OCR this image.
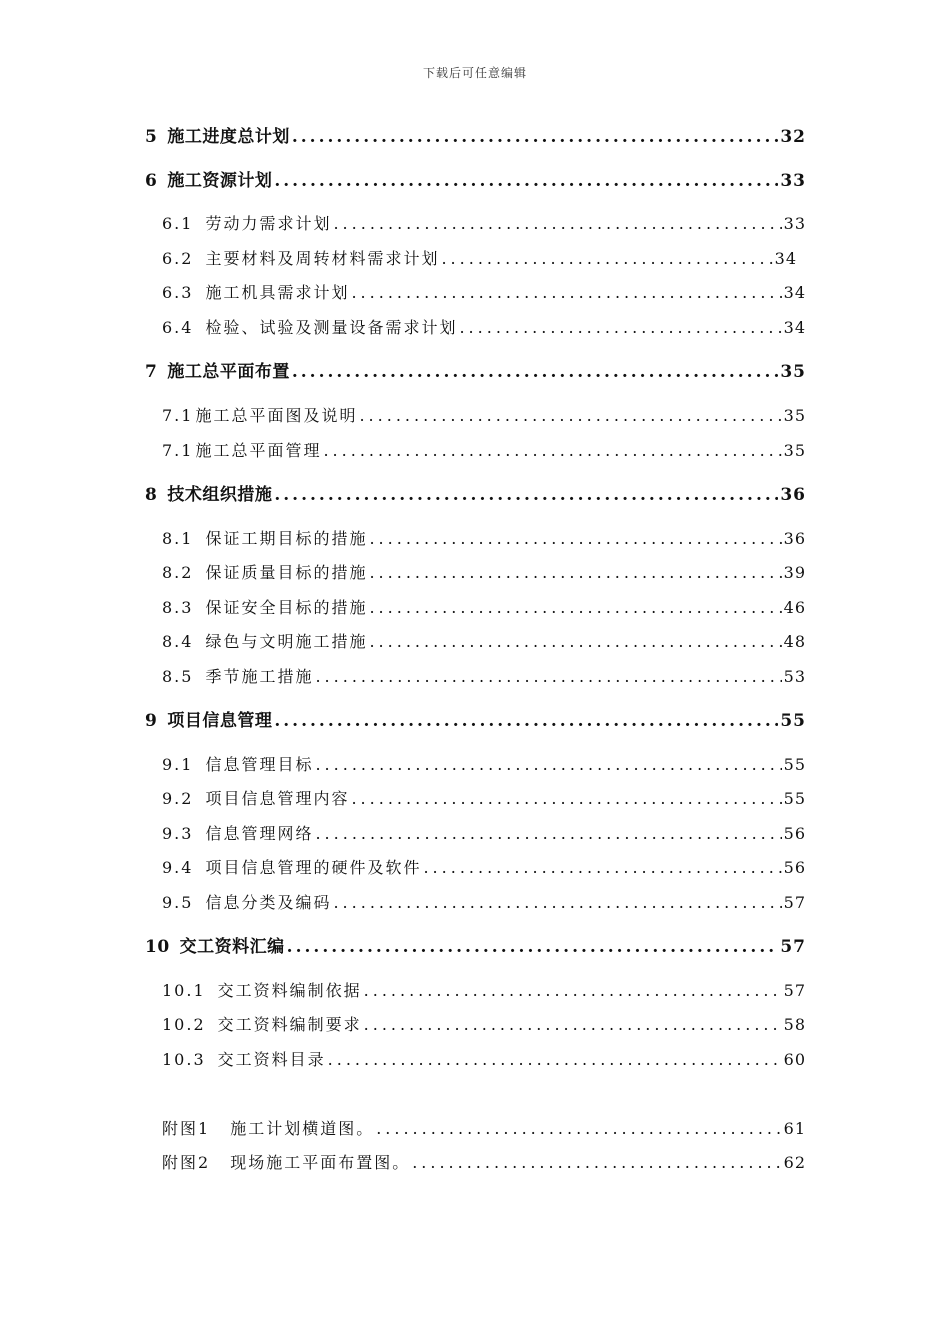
下载后可任意编辑
5 施工进度总计划 .....	32
6 施工资源计划 .....	33
6.1 劳动力需求计划 .....	33
6.2 主要材料及周转材料需求计划 .....	34
6.3 施工机具需求计划 .....	34
6.4 检验、试验及测量设备需求计划 .....	34
7 施工总平面布置 .....	35
7.1 施工总平面图及说明 .....	35
7.1 施工总平面管理 .....	35
8 技术组织措施 .....	36
8.1 保证工期目标的措施 .....	36
8.2 保证质量目标的措施 .....	39
8.3 保证安全目标的措施 .....	46
8.4 绿色与文明施工措施 .....	48
8.5 季节施工措施 .....	53
9 项目信息管理 .....	55
9.1 信息管理目标 .....	55
9.2 项目信息管理内容 .....	55
9.3 信息管理网络 .....	56
9.4 项目信息管理的硬件及软件 .....	56
9.5 信息分类及编码 .....	57
10 交工资料汇编 .....	57
10.1 交工资料编制依据 .....	57
10.2 交工资料编制要求 .....	58
10.3 交工资料目录 .....	60
附图1 施工计划横道图。 .....	61
附图2 现场施工平面布置图。 .....	62
